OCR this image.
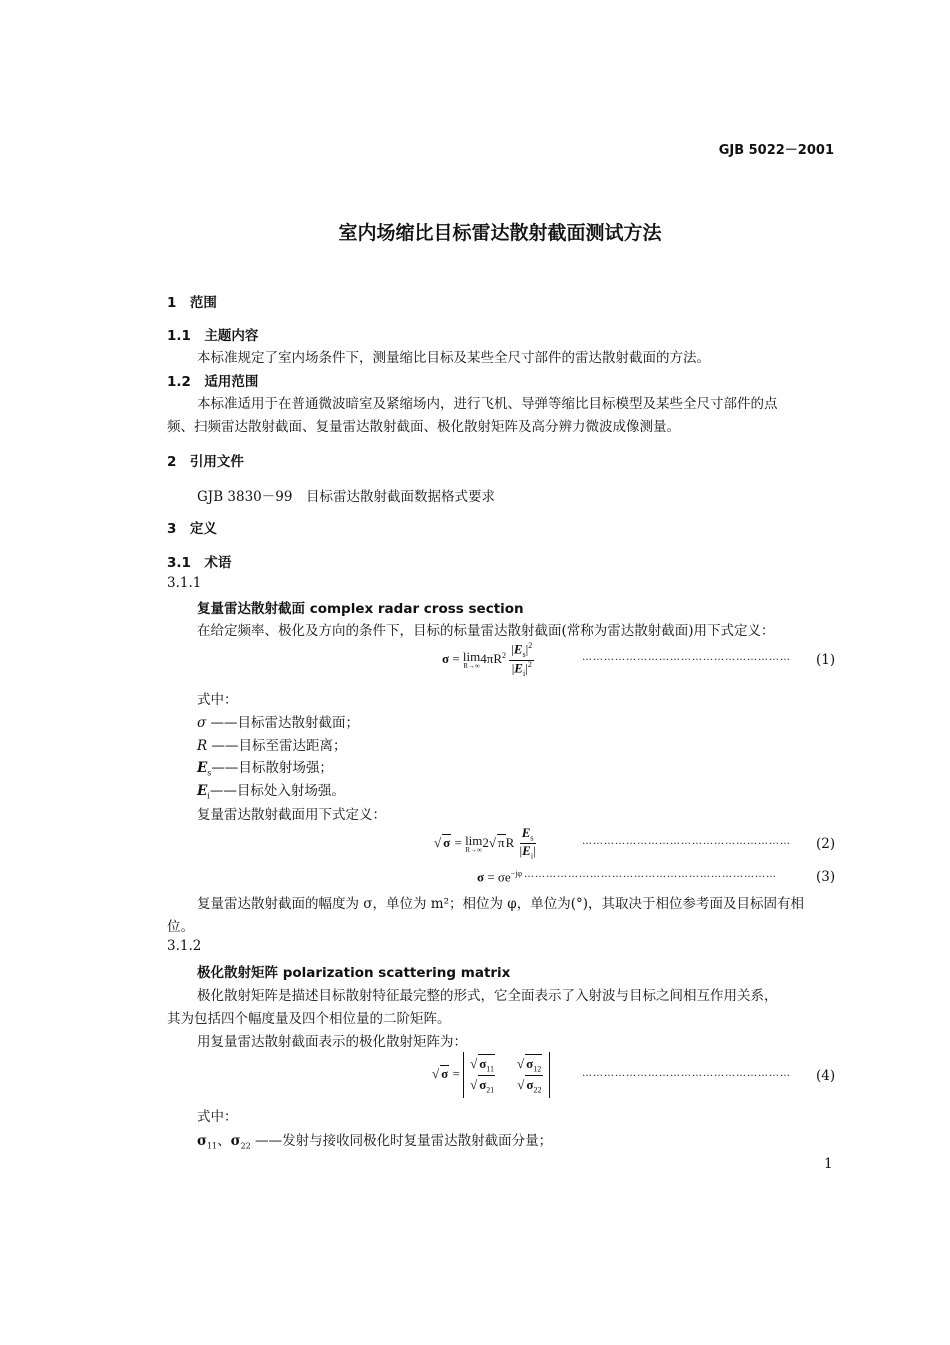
GJB 5022－2001
室内场缩比目标雷达散射截面测试方法
1　范围
1.1　主题内容
本标准规定了室内场条件下，测量缩比目标及某些全尺寸部件的雷达散射截面的方法。
1.2　适用范围
本标准适用于在普通微波暗室及紧缩场内，进行飞机、导弹等缩比目标模型及某些全尺寸部件的点
频、扫频雷达散射截面、复量雷达散射截面、极化散射矩阵及高分辨力微波成像测量。
2　引用文件
GJB 3830－99　目标雷达散射截面数据格式要求
3　定义
3.1　术语
3.1.1
复量雷达散射截面 complex radar cross section
在给定频率、极化及方向的条件下，目标的标量雷达散射截面(常称为雷达散射截面)用下式定义：
σ = lim
R→∞
$4\pi R^2 \frac{|E_s|^2}{|E_i|^2}$	………………………………………………… (1)
式中：
σ ——目标雷达散射截面；
R ——目标至雷达距离；
$E_s——$目标散射场强；
$E_i——$目标处入射场强。
复量雷达散射截面用下式定义：
√ σ = lim
R→∞
2√ πR $\frac{E_s}{|E_i|}$	………………………………………………… (2)
$\sigma = \sigma e^{-j\varphi}$ ……………………………………………………………	(3)
复量雷达散射截面的幅度为 σ，单位为 m²；相位为 φ，单位为(°)，其取决于相位参考面及目标固有相
位。
3.1.2
极化散射矩阵 polarization scattering matrix
极化散射矩阵是描述目标散射特征最完整的形式，它全面表示了入射波与目标之间相互作用关系，
其为包括四个幅度量及四个相位量的二阶矩阵。
用复量雷达散射截面表示的极化散射矩阵为：
√ σ =
√ $\sigma_{11}$ √ $\sigma_{12}$
√ $\sigma_{21}$ √ $\sigma_{22}$
………………………………………………… (4)
式中：
$\sigma_{11}$、$\sigma_{22}$ ——发射与接收同极化时复量雷达散射截面分量；
1
